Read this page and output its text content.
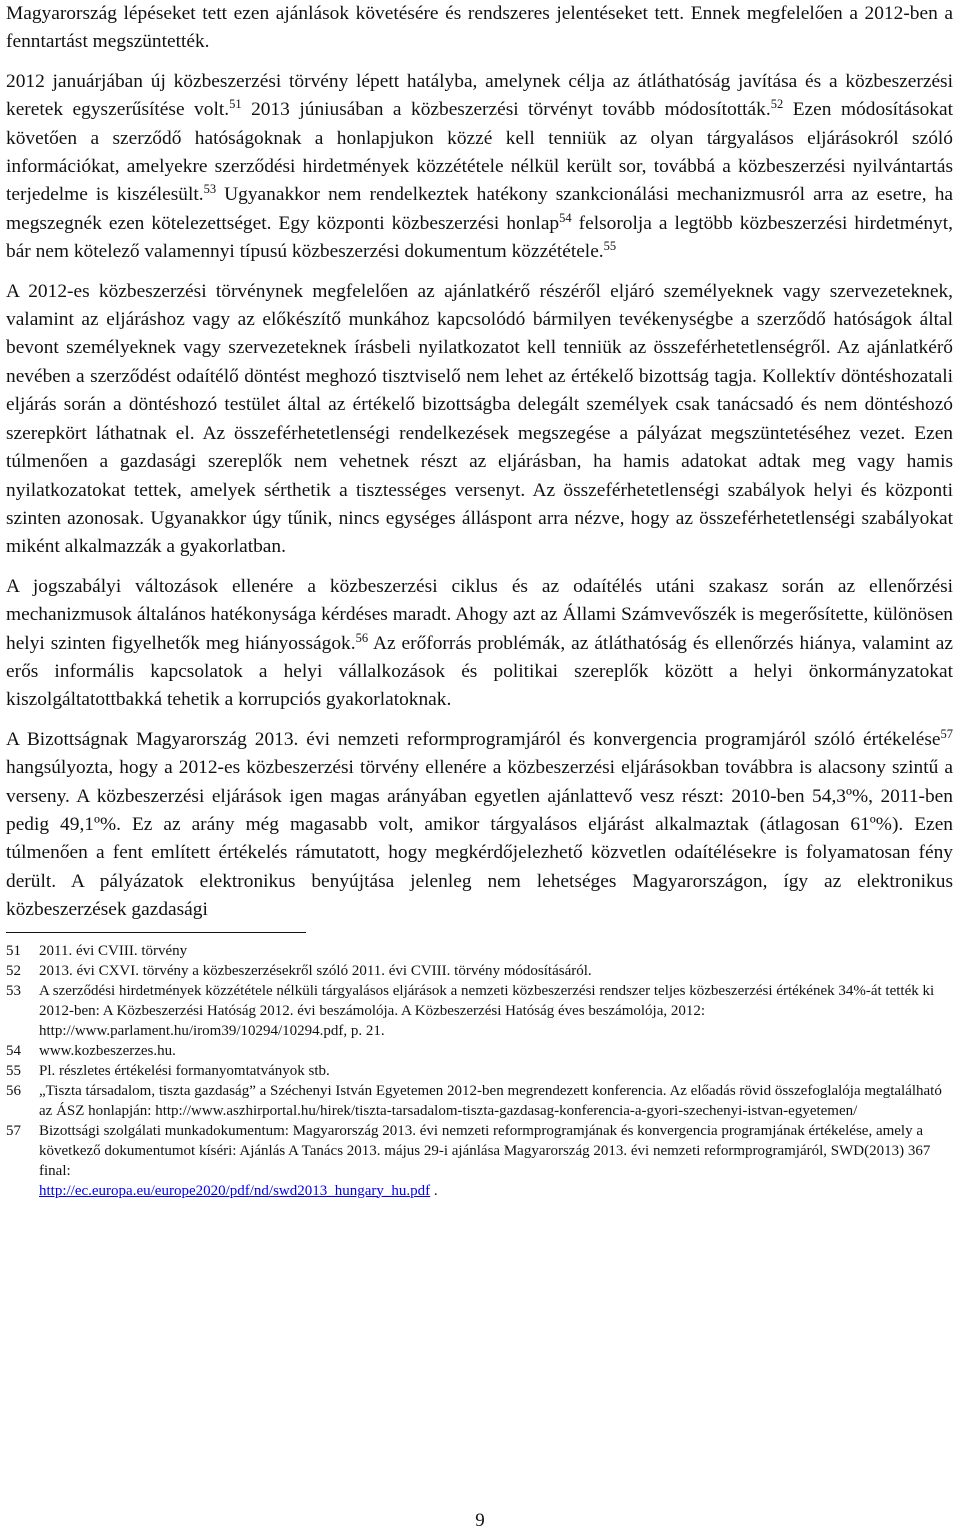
Magyarország lépéseket tett ezen ajánlások követésére és rendszeres jelentéseket tett. Ennek megfelelően a 2012-ben a fenntartást megszüntették.

2012 januárjában új közbeszerzési törvény lépett hatályba, amelynek célja az átláthatóság javítása és a közbeszerzési keretek egyszerűsítése volt.$^{51}$ 2013 júniusában a közbeszerzési törvényt tovább módosították.$^{52}$ Ezen módosításokat követően a szerződő hatóságoknak a honlapjukon közzé kell tenniük az olyan tárgyalásos eljárásokról szóló információkat, amelyekre szerződési hirdetmények közzététele nélkül került sor, továbbá a közbeszerzési nyilvántartás terjedelme is kiszélesült.$^{53}$ Ugyanakkor nem rendelkeztek hatékony szankcionálási mechanizmusról arra az esetre, ha megszegnék ezen kötelezettséget. Egy központi közbeszerzési honlap$^{54}$ felsorolja a legtöbb közbeszerzési hirdetményt, bár nem kötelező valamennyi típusú közbeszerzési dokumentum közzététele.$^{55}$

A 2012-es közbeszerzési törvénynek megfelelően az ajánlatkérő részéről eljáró személyeknek vagy szervezeteknek, valamint az eljáráshoz vagy az előkészítő munkához kapcsolódó bármilyen tevékenységbe a szerződő hatóságok által bevont személyeknek vagy szervezeteknek írásbeli nyilatkozatot kell tenniük az összeférhetetlenségről. Az ajánlatkérő nevében a szerződést odaítélő döntést meghozó tisztviselő nem lehet az értékelő bizottság tagja. Kollektív döntéshozatali eljárás során a döntéshozó testület által az értékelő bizottságba delegált személyek csak tanácsadó és nem döntéshozó szerepkört láthatnak el. Az összeférhetetlenségi rendelkezések megszegése a pályázat megszüntetéséhez vezet. Ezen túlmenően a gazdasági szereplők nem vehetnek részt az eljárásban, ha hamis adatokat adtak meg vagy hamis nyilatkozatokat tettek, amelyek sérthetik a tisztességes versenyt. Az összeférhetetlenségi szabályok helyi és központi szinten azonosak. Ugyanakkor úgy tűnik, nincs egységes álláspont arra nézve, hogy az összeférhetetlenségi szabályokat miként alkalmazzák a gyakorlatban.

A jogszabályi változások ellenére a közbeszerzési ciklus és az odaítélés utáni szakasz során az ellenőrzési mechanizmusok általános hatékonysága kérdéses maradt. Ahogy azt az Állami Számvevőszék is megerősítette, különösen helyi szinten figyelhetők meg hiányosságok.$^{56}$ Az erőforrás problémák, az átláthatóság és ellenőrzés hiánya, valamint az erős informális kapcsolatok a helyi vállalkozások és politikai szereplők között a helyi önkormányzatokat kiszolgáltatottbakká tehetik a korrupciós gyakorlatoknak.

A Bizottságnak Magyarország 2013. évi nemzeti reformprogramjáról és konvergencia programjáról szóló értékelése$^{57}$ hangsúlyozta, hogy a 2012-es közbeszerzési törvény ellenére a közbeszerzési eljárásokban továbbra is alacsony szintű a verseny. A közbeszerzési eljárások igen magas arányában egyetlen ajánlattevő vesz részt: 2010-ben 54,3º%, 2011-ben pedig 49,1º%. Ez az arány még magasabb volt, amikor tárgyalásos eljárást alkalmaztak (átlagosan 61º%). Ezen túlmenően a fent említett értékelés rámutatott, hogy megkérdőjelezhető közvetlen odaítélésekre is folyamatosan fény derült. A pályázatok elektronikus benyújtása jelenleg nem lehetséges Magyarországon, így az elektronikus közbeszerzések gazdasági

51	2011. évi CVIII. törvény
52	2013. évi CXVI. törvény a közbeszerzésekről szóló 2011. évi CVIII. törvény módosításáról.
53	A szerződési hirdetmények közzététele nélküli tárgyalásos eljárások a nemzeti közbeszerzési rendszer teljes közbeszerzési értékének 34%-át tették ki 2012-ben: A Közbeszerzési Hatóság 2012. évi beszámolója. A Közbeszerzési Hatóság éves beszámolója, 2012: http://www.parlament.hu/irom39/10294/10294.pdf, p. 21.
54	www.kozbeszerzes.hu.
55	Pl. részletes értékelési formanyomtatványok stb.
56	„Tiszta társadalom, tiszta gazdaság” a Széchenyi István Egyetemen 2012-ben megrendezett konferencia. Az előadás rövid összefoglalója megtalálható az ÁSZ honlapján: http://www.aszhirportal.hu/hirek/tiszta-tarsadalom-tiszta-gazdasag-konferencia-a-gyori-szechenyi-istvan-egyetemen/
57	Bizottsági szolgálati munkadokumentum: Magyarország 2013. évi nemzeti reformprogramjának és konvergencia programjának értékelése, amely a következő dokumentumot kíséri: Ajánlás A Tanács 2013. május 29-i ajánlása Magyarország 2013. évi nemzeti reformprogramjáról, SWD(2013) 367 final:
http://ec.europa.eu/europe2020/pdf/nd/swd2013_hungary_hu.pdf .
9
